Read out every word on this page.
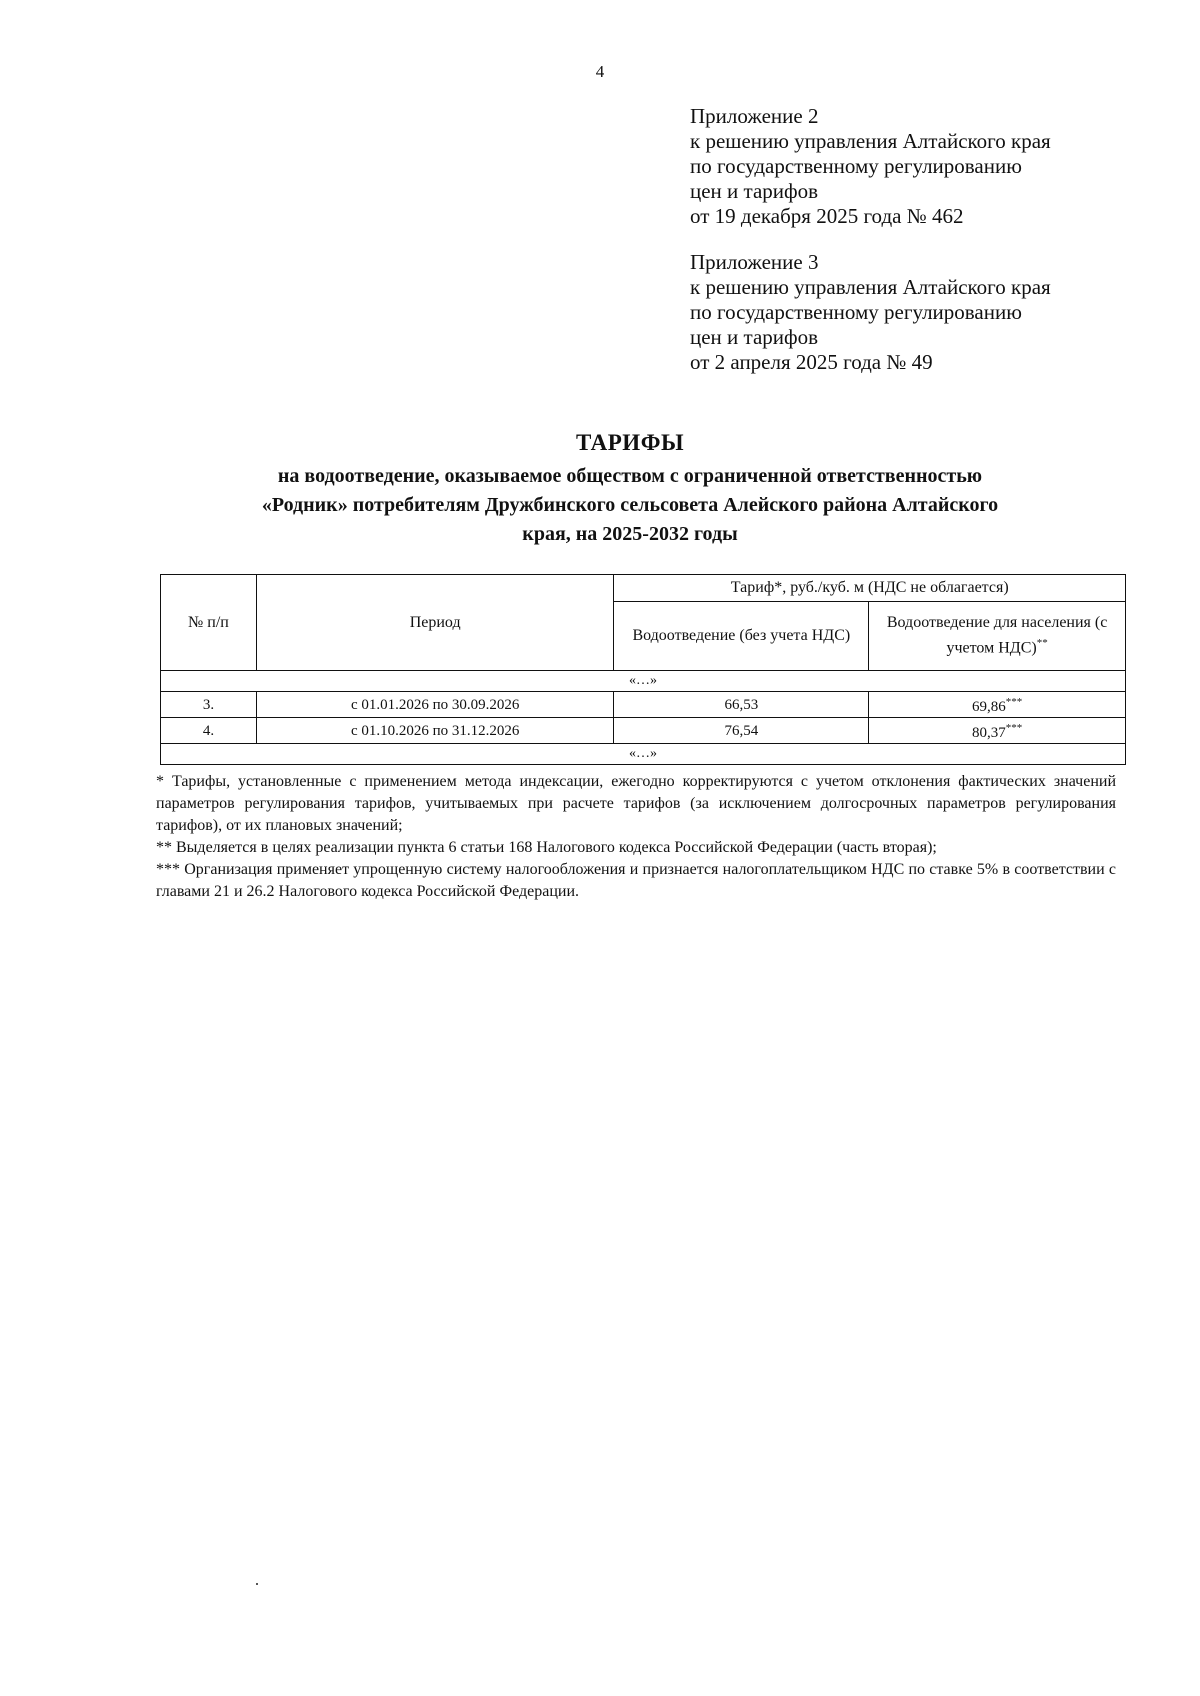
4
Приложение 2
к решению управления Алтайского края
по государственному регулированию
цен и тарифов
от 19 декабря 2025 года № 462
Приложение 3
к решению управления Алтайского края
по государственному регулированию
цен и тарифов
от 2 апреля 2025 года № 49
ТАРИФЫ
на водоотведение, оказываемое обществом с ограниченной ответственностью
«Родник» потребителям Дружбинского сельсовета Алейского района Алтайского
края, на 2025-2032 годы
№ п/п	Период	Тариф*, руб./куб. м (НДС не облагается)	
		Водоотведение (без учета НДС)	Водоотведение для населения (с учетом НДС)**
«…»			
3.	с 01.01.2026 по 30.09.2026	66,53	69,86***
4.	с 01.10.2026 по 31.12.2026	76,54	80,37***
«…»			

* Тарифы, установленные с применением метода индексации, ежегодно корректируются с учетом отклонения фактических значений параметров регулирования тарифов, учитываемых при расчете тарифов (за исключением долгосрочных параметров регулирования тарифов), от их плановых значений;

** Выделяется в целях реализации пункта 6 статьи 168 Налогового кодекса Российской Федерации (часть вторая);

*** Организация применяет упрощенную систему налогообложения и признается налогоплательщиком НДС по ставке 5% в соответствии с главами 21 и 26.2 Налогового кодекса Российской Федерации.
